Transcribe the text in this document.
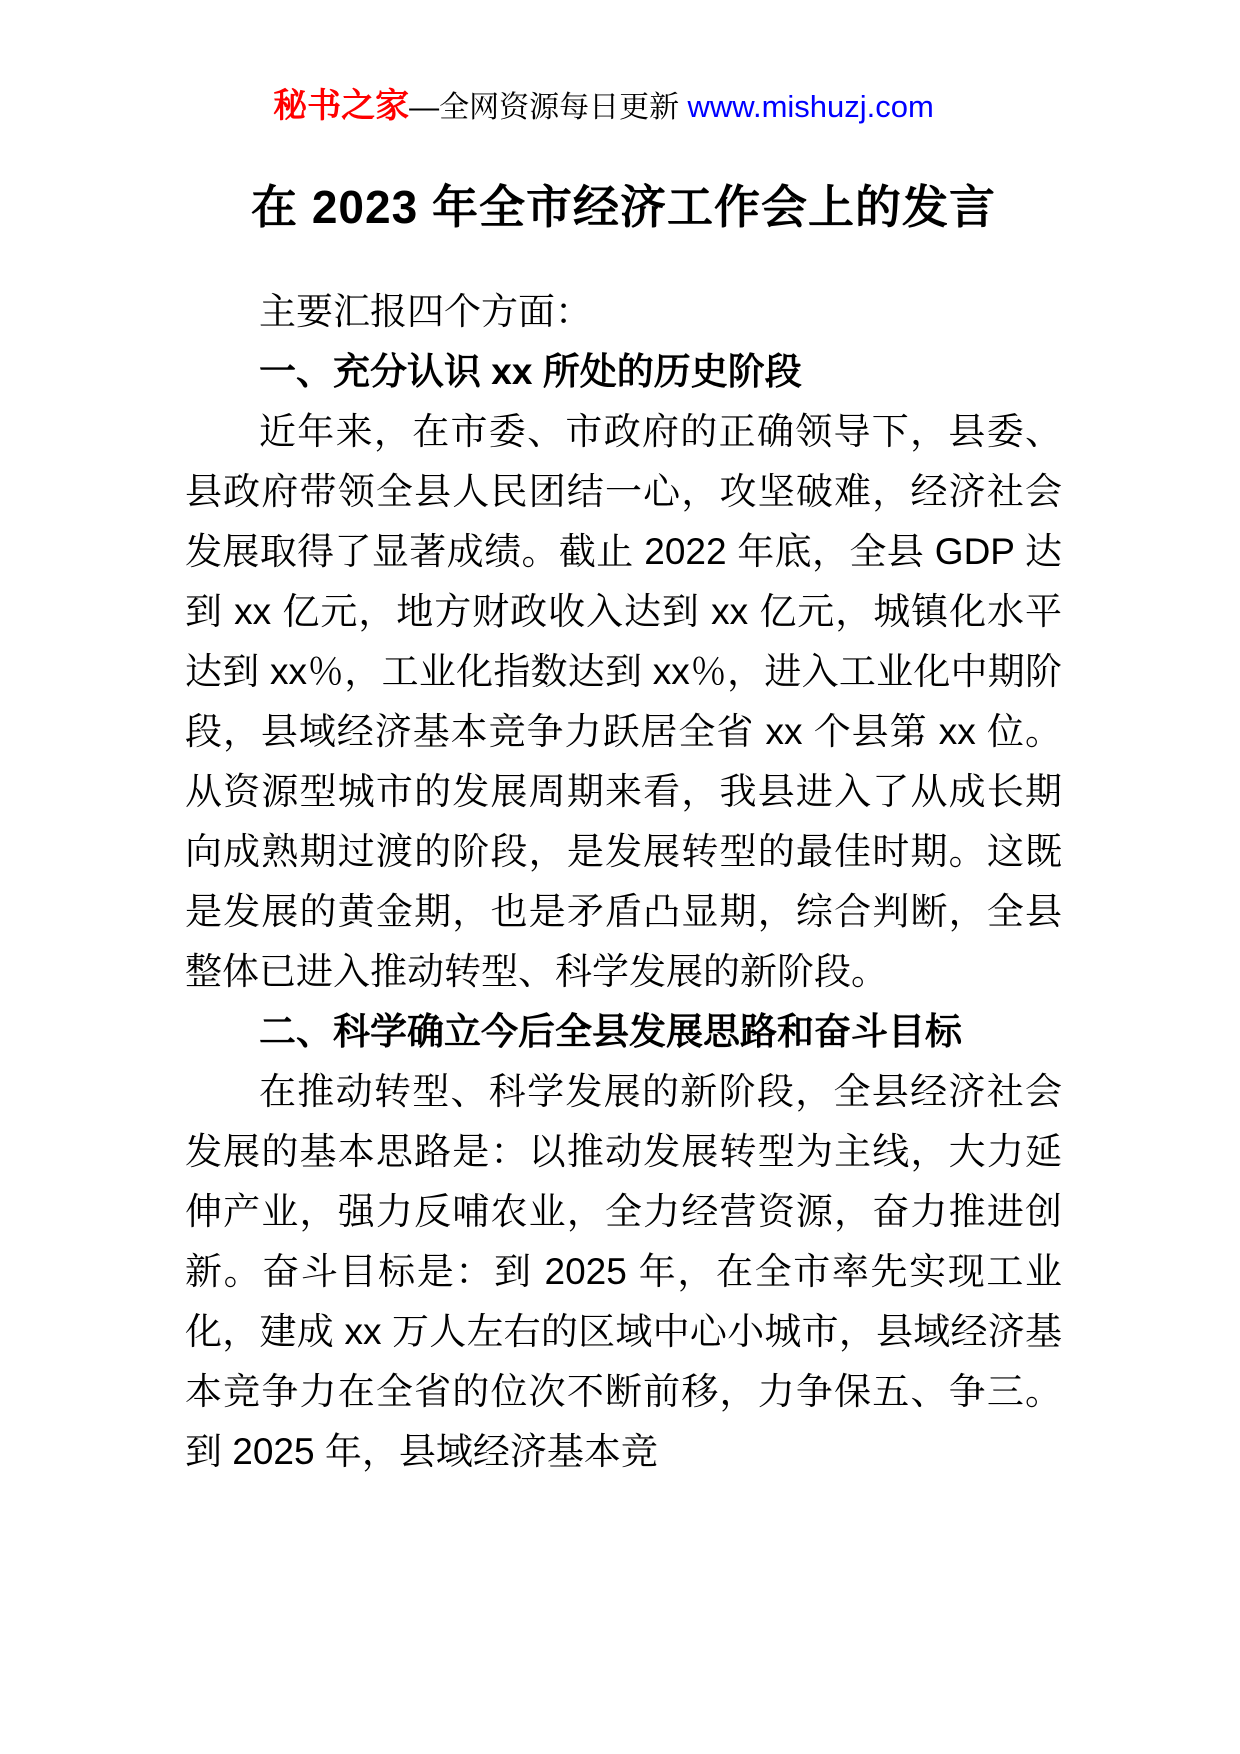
秘书之家—全网资源每日更新 www.mishuzj.com
在 2023 年全市经济工作会上的发言

主要汇报四个方面：

一、充分认识 xx 所处的历史阶段

近年来，在市委、市政府的正确领导下，县委、县政府带领全县人民团结一心，攻坚破难，经济社会发展取得了显著成绩。截止 2022 年底，全县 GDP 达到 xx 亿元，地方财政收入达到 xx 亿元，城镇化水平达到 xx％，工业化指数达到 xx％，进入工业化中期阶段，县域经济基本竞争力跃居全省 xx 个县第 xx 位。从资源型城市的发展周期来看，我县进入了从成长期向成熟期过渡的阶段，是发展转型的最佳时期。这既是发展的黄金期，也是矛盾凸显期，综合判断，全县整体已进入推动转型、科学发展的新阶段。

二、科学确立今后全县发展思路和奋斗目标

在推动转型、科学发展的新阶段，全县经济社会发展的基本思路是：以推动发展转型为主线，大力延伸产业，强力反哺农业，全力经营资源，奋力推进创新。奋斗目标是：到 2025 年，在全市率先实现工业化，建成 xx 万人左右的区域中心小城市，县域经济基本竞争力在全省的位次不断前移，力争保五、争三。到 2025 年，县域经济基本竞
